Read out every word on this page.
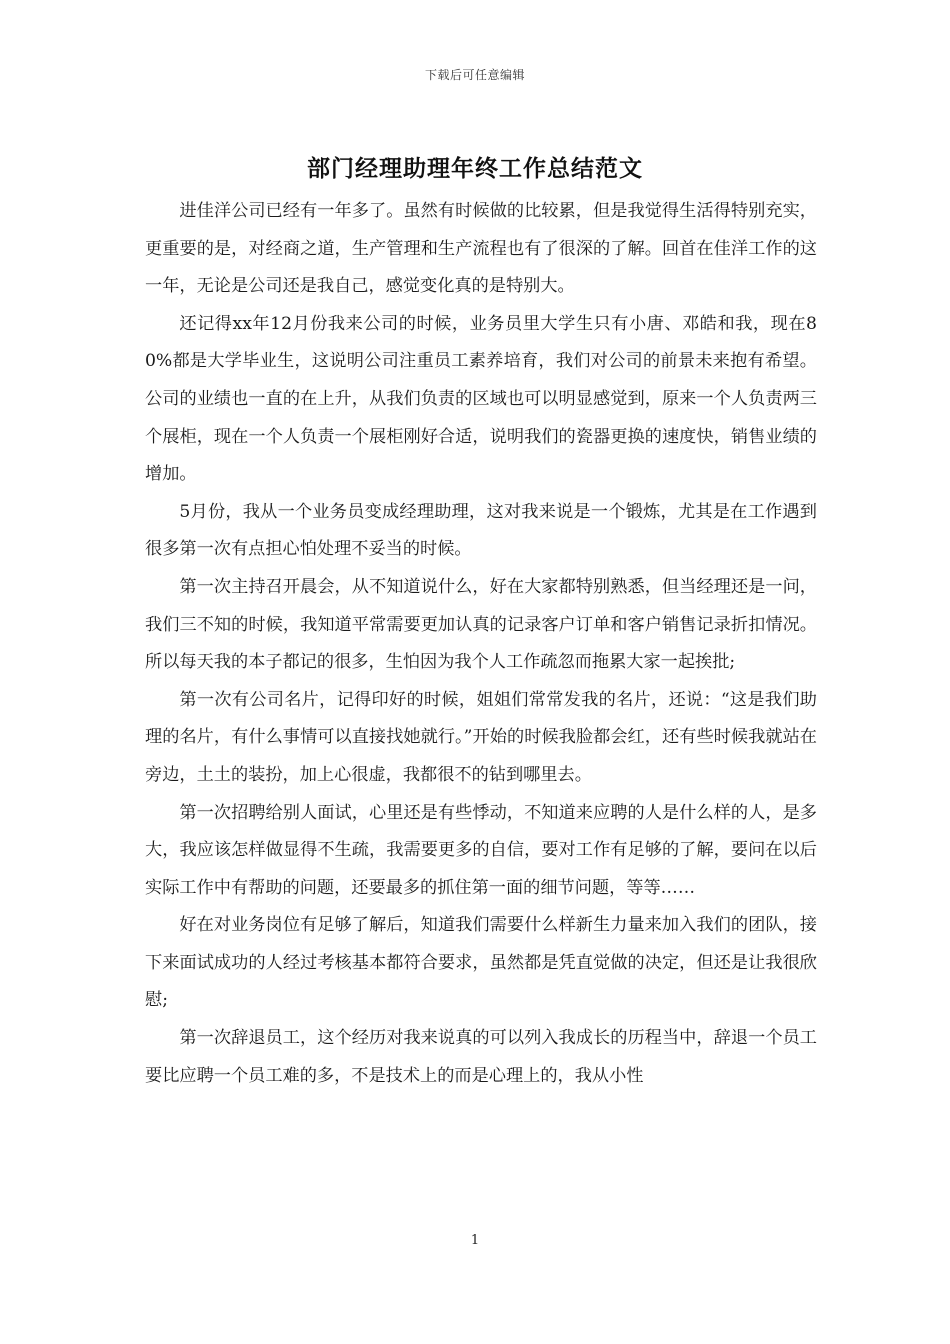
下载后可任意编辑
部门经理助理年终工作总结范文

进佳洋公司已经有一年多了。虽然有时候做的比较累，但是我觉得生活得特别充实，更重要的是，对经商之道，生产管理和生产流程也有了很深的了解。回首在佳洋工作的这一年，无论是公司还是我自己，感觉变化真的是特别大。

还记得xx年12月份我来公司的时候，业务员里大学生只有小唐、邓皓和我，现在80%都是大学毕业生，这说明公司注重员工素养培育，我们对公司的前景未来抱有希望。公司的业绩也一直的在上升，从我们负责的区域也可以明显感觉到，原来一个人负责两三个展柜，现在一个人负责一个展柜刚好合适，说明我们的瓷器更换的速度快，销售业绩的增加。

5月份，我从一个业务员变成经理助理，这对我来说是一个锻炼，尤其是在工作遇到很多第一次有点担心怕处理不妥当的时候。

第一次主持召开晨会，从不知道说什么，好在大家都特别熟悉，但当经理还是一问，我们三不知的时候，我知道平常需要更加认真的记录客户订单和客户销售记录折扣情况。所以每天我的本子都记的很多，生怕因为我个人工作疏忽而拖累大家一起挨批;

第一次有公司名片，记得印好的时候，姐姐们常常发我的名片，还说：“这是我们助理的名片，有什么事情可以直接找她就行。”开始的时候我脸都会红，还有些时候我就站在旁边，土土的装扮，加上心很虚，我都很不的钻到哪里去。

第一次招聘给别人面试，心里还是有些悸动，不知道来应聘的人是什么样的人，是多大，我应该怎样做显得不生疏，我需要更多的自信，要对工作有足够的了解，要问在以后实际工作中有帮助的问题，还要最多的抓住第一面的细节问题，等等……

好在对业务岗位有足够了解后，知道我们需要什么样新生力量来加入我们的团队，接下来面试成功的人经过考核基本都符合要求，虽然都是凭直觉做的决定，但还是让我很欣慰;

第一次辞退员工，这个经历对我来说真的可以列入我成长的历程当中，辞退一个员工要比应聘一个员工难的多，不是技术上的而是心理上的，我从小性

1
